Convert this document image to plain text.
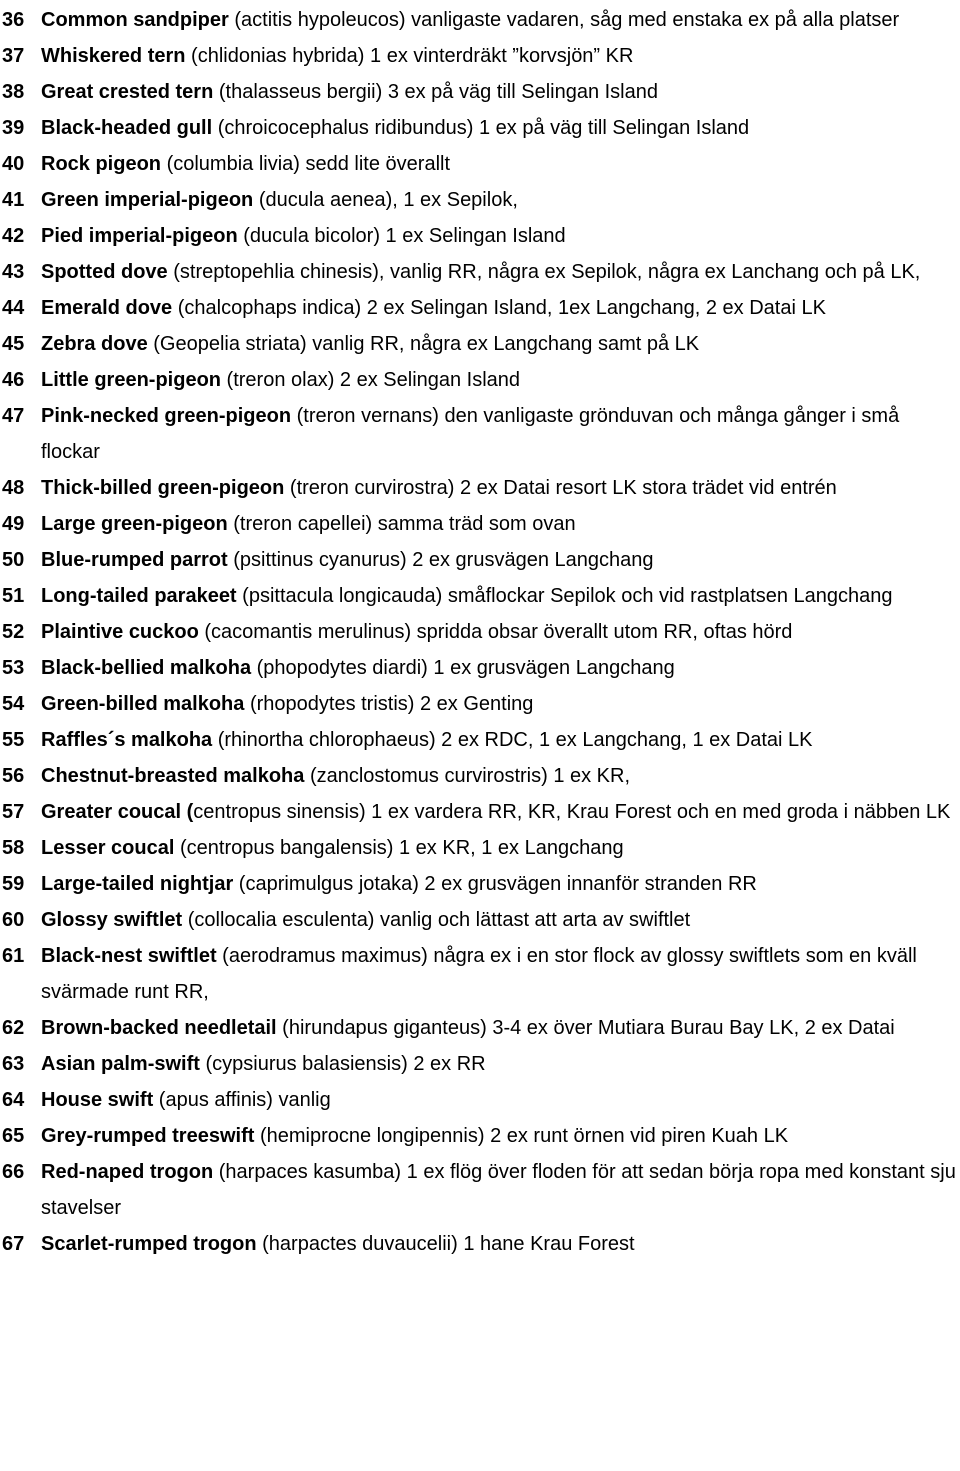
36 Common sandpiper (actitis hypoleucos) vanligaste vadaren, såg med enstaka ex på alla platser
37 Whiskered tern (chlidonias hybrida) 1 ex vinterdräkt ”korvsjön” KR
38 Great crested tern (thalasseus bergii) 3 ex på väg till Selingan Island
39 Black-headed gull (chroicocephalus ridibundus) 1 ex på väg till Selingan Island
40 Rock pigeon (columbia livia) sedd lite överallt
41 Green imperial-pigeon (ducula aenea), 1 ex Sepilok,
42 Pied imperial-pigeon (ducula bicolor) 1 ex Selingan Island
43 Spotted dove (streptopehlia chinesis), vanlig RR, några ex Sepilok, några ex Lanchang och på LK,
44 Emerald dove (chalcophaps indica) 2 ex Selingan Island, 1ex Langchang, 2 ex Datai LK
45 Zebra dove (Geopelia striata) vanlig RR, några ex Langchang samt på LK
46 Little green-pigeon (treron olax) 2 ex Selingan Island
47 Pink-necked green-pigeon (treron vernans) den vanligaste grönduvan och många gånger i små flockar
48 Thick-billed green-pigeon (treron curvirostra) 2 ex Datai resort LK stora trädet vid entrén
49 Large green-pigeon (treron capellei) samma träd som ovan
50 Blue-rumped parrot (psittinus cyanurus) 2 ex grusvägen Langchang
51 Long-tailed parakeet (psittacula longicauda) småflockar Sepilok och vid rastplatsen Langchang
52 Plaintive cuckoo (cacomantis merulinus) spridda obsar överallt utom RR, oftas hörd
53 Black-bellied malkoha (phopodytes diardi) 1 ex grusvägen Langchang
54 Green-billed malkoha (rhopodytes tristis) 2 ex Genting
55 Raffles´s malkoha (rhinortha chlorophaeus) 2 ex RDC, 1 ex Langchang, 1 ex Datai LK
56 Chestnut-breasted malkoha (zanclostomus curvirostris) 1 ex KR,
57 Greater coucal (centropus sinensis) 1 ex vardera RR, KR, Krau Forest och en med groda i näbben LK
58 Lesser coucal (centropus bangalensis) 1 ex KR, 1 ex Langchang
59 Large-tailed nightjar (caprimulgus jotaka) 2 ex grusvägen innanför stranden RR
60 Glossy swiftlet (collocalia esculenta) vanlig och lättast att arta av swiftlet
61 Black-nest swiftlet (aerodramus maximus) några ex i en stor flock av glossy swiftlets som en kväll svärmade runt RR,
62 Brown-backed needletail (hirundapus giganteus) 3-4 ex över Mutiara Burau Bay LK, 2 ex Datai
63 Asian palm-swift (cypsiurus balasiensis) 2 ex RR
64 House swift (apus affinis) vanlig
65 Grey-rumped treeswift (hemiprocne longipennis) 2 ex runt örnen vid piren Kuah LK
66 Red-naped trogon (harpaces kasumba) 1 ex flög över floden för att sedan börja ropa med konstant sju stavelser
67 Scarlet-rumped trogon (harpactes duvaucelii) 1 hane Krau Forest
